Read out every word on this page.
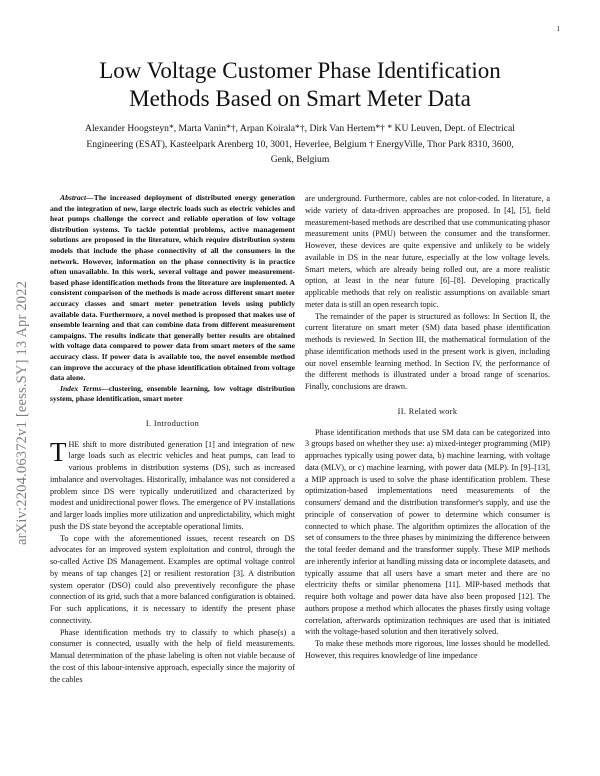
1
arXiv:2204.06372v1 [eess.SY] 13 Apr 2022
Low Voltage Customer Phase Identification
Methods Based on Smart Meter Data
Alexander Hoogsteyn*, Marta Vanin*†, Arpan Koirala*†, Dirk Van Hertem*† * KU Leuven, Dept. of Electrical
Engineering (ESAT), Kasteelpark Arenberg 10, 3001, Heverlee, Belgium † EnergyVille, Thor Park 8310, 3600,
Genk, Belgium

Abstract—The increased deployment of distributed energy generation and the integration of new, large electric loads such as electric vehicles and heat pumps challenge the correct and reliable operation of low voltage distribution systems. To tackle potential problems, active management solutions are proposed in the literature, which require distribution system models that include the phase connectivity of all the consumers in the network. However, information on the phase connectivity is in practice often unavailable. In this work, several voltage and power measurement-based phase identification methods from the literature are implemented. A consistent comparison of the methods is made across different smart meter accuracy classes and smart meter penetration levels using publicly available data. Furthermore, a novel method is proposed that makes use of ensemble learning and that can combine data from different measurement campaigns. The results indicate that generally better results are obtained with voltage data compared to power data from smart meters of the same accuracy class. If power data is available too, the novel ensemble method can improve the accuracy of the phase identification obtained from voltage data alone.

Index Terms—clustering, ensemble learning, low voltage distribution system, phase identification, smart meter

I. Introduction

THE shift to more distributed generation [1] and integration of new large loads such as electric vehicles and heat pumps, can lead to various problems in distribution systems (DS), such as increased imbalance and overvoltages. Historically, imbalance was not considered a problem since DS were typically underutilized and characterized by modest and unidirectional power flows. The emergence of PV installations and larger loads implies more utilization and unpredictability, which might push the DS state beyond the acceptable operational limits.

To cope with the aforementioned issues, recent research on DS advocates for an improved system exploitation and control, through the so-called Active DS Management. Examples are optimal voltage control by means of tap changes [2] or resilient restoration [3]. A distribution system operator (DSO) could also preventively reconfigure the phase connection of its grid, such that a more balanced configuration is obtained. For such applications, it is necessary to identify the present phase connectivity.

Phase identification methods try to classify to which phase(s) a consumer is connected, usually with the help of field measurements. Manual determination of the phase labeling is often not viable because of the cost of this labour-intensive approach, especially since the majority of the cables

are underground. Furthermore, cables are not color-coded. In literature, a wide variety of data-driven approaches are proposed. In [4], [5], field measurement-based methods are described that use communicating phasor measurement units (PMU) between the consumer and the transformer. However, these devices are quite expensive and unlikely to be widely available in DS in the near future, especially at the low voltage levels. Smart meters, which are already being rolled out, are a more realistic option, at least in the near future [6]–[8]. Developing practically applicable methods that rely on realistic assumptions on available smart meter data is still an open research topic.

The remainder of the paper is structured as follows: In Section II, the current literature on smart meter (SM) data based phase identification methods is reviewed. In Section III, the mathematical formulation of the phase identification methods used in the present work is given, including our novel ensemble learning method. In Section IV, the performance of the different methods is illustrated under a broad range of scenarios. Finally, conclusions are drawn.

II. Related work

Phase identification methods that use SM data can be categorized into 3 groups based on whether they use: a) mixed-integer programming (MIP) approaches typically using power data, b) machine learning, with voltage data (MLV), or c) machine learning, with power data (MLP). In [9]–[13], a MIP approach is used to solve the phase identification problem. These optimization-based implementations need measurements of the consumers' demand and the distribution transformer's supply, and use the principle of conservation of power to determine which consumer is connected to which phase. The algorithm optimizes the allocation of the set of consumers to the three phases by minimizing the difference between the total feeder demand and the transformer supply. These MIP methods are inherently inferior at handling missing data or incomplete datasets, and typically assume that all users have a smart meter and there are no electricity thefts or similar phenomena [11]. MIP-based methods that require both voltage and power data have also been proposed [12]. The authors propose a method which allocates the phases firstly using voltage correlation, afterwards optimization techniques are used that is initiated with the voltage-based solution and then iteratively solved.

To make these methods more rigorous, line losses should be modelled. However, this requires knowledge of line impedance
